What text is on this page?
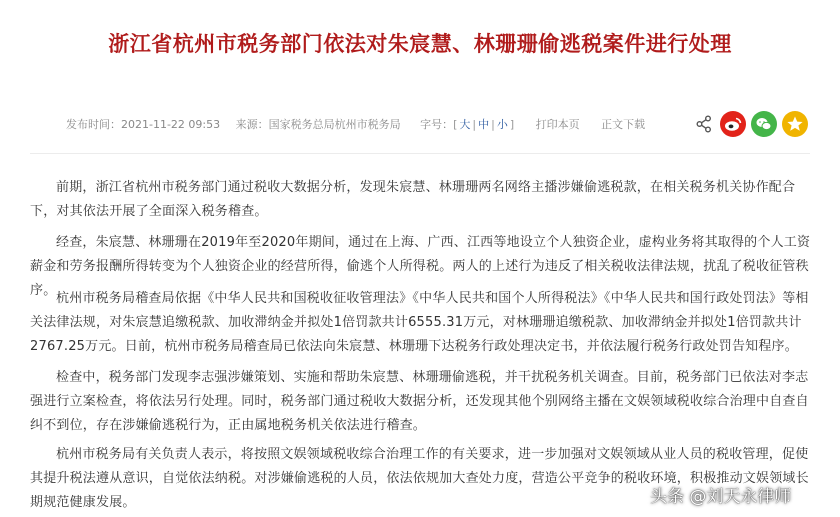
浙江省杭州市税务部门依法对朱宸慧、林珊珊偷逃税案件进行处理
发布时间：2021-11-22 09:53 来源：国家税务总局杭州市税务局 字号：[ 大 | 中 | 小 ] 打印本页 正文下载
前期，浙江省杭州市税务部门通过税收大数据分析，发现朱宸慧、林珊珊两名网络主播涉嫌偷逃税款，在相关税务机关协作配合下，对其依法开展了全面深入税务稽查。
经查，朱宸慧、林珊珊在2019年至2020年期间，通过在上海、广西、江西等地设立个人独资企业，虚构业务将其取得的个人工资薪金和劳务报酬所得转变为个人独资企业的经营所得，偷逃个人所得税。两人的上述行为违反了相关税收法律法规，扰乱了税收征管秩序。
杭州市税务局稽查局依据《中华人民共和国税收征收管理法》《中华人民共和国个人所得税法》《中华人民共和国行政处罚法》等相关法律法规，对朱宸慧追缴税款、加收滞纳金并拟处1倍罚款共计6555.31万元，对林珊珊追缴税款、加收滞纳金并拟处1倍罚款共计2767.25万元。日前，杭州市税务局稽查局已依法向朱宸慧、林珊珊下达税务行政处理决定书，并依法履行税务行政处罚告知程序。
检查中，税务部门发现李志强涉嫌策划、实施和帮助朱宸慧、林珊珊偷逃税，并干扰税务机关调查。目前，税务部门已依法对李志强进行立案检查，将依法另行处理。同时，税务部门通过税收大数据分析，还发现其他个别网络主播在文娱领域税收综合治理中自查自纠不到位，存在涉嫌偷逃税行为，正由属地税务机关依法进行稽查。
杭州市税务局有关负责人表示，将按照文娱领域税收综合治理工作的有关要求，进一步加强对文娱领域从业人员的税收管理，促使其提升税法遵从意识，自觉依法纳税。对涉嫌偷逃税的人员，依法依规加大查处力度，营造公平竞争的税收环境，积极推动文娱领域长期规范健康发展。	头条 @刘天永律师
